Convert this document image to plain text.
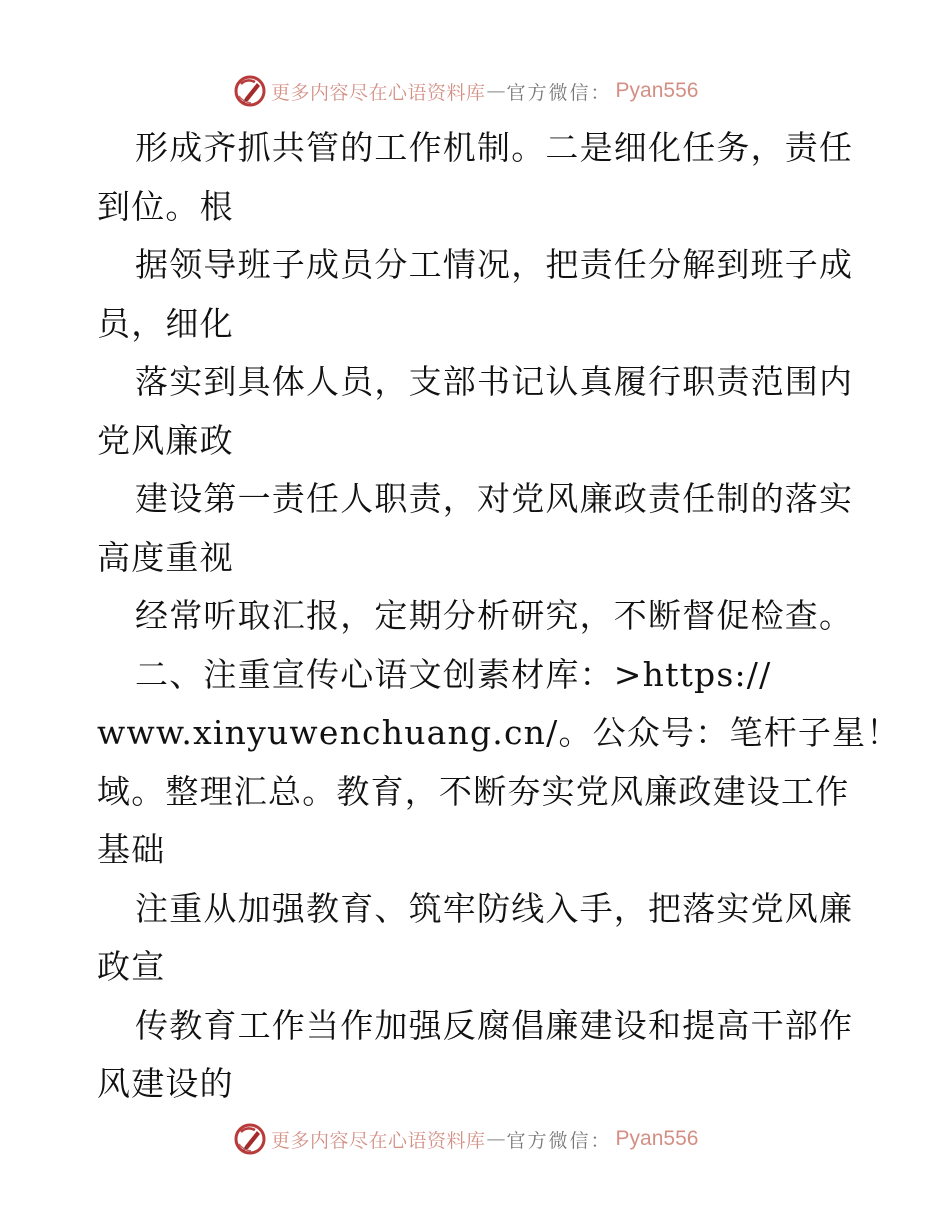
更多内容尽在心语资料库 — 官方微信： Pyan556
形成齐抓共管的工作机制。二是细化任务，责任
到位。根
据领导班子成员分工情况，把责任分解到班子成
员，细化
落实到具体人员，支部书记认真履行职责范围内
党风廉政
建设第一责任人职责，对党风廉政责任制的落实
高度重视
经常听取汇报，定期分析研究，不断督促检查。
二、注重宣传心语文创素材库：>https://
www.xinyuwenchuang.cn/。公众号：笔杆子星！
域。整理汇总。教育，不断夯实党风廉政建设工作
基础
注重从加强教育、筑牢防线入手，把落实党风廉
政宣
传教育工作当作加强反腐倡廉建设和提高干部作
风建设的
更多内容尽在心语资料库 — 官方微信： Pyan556
